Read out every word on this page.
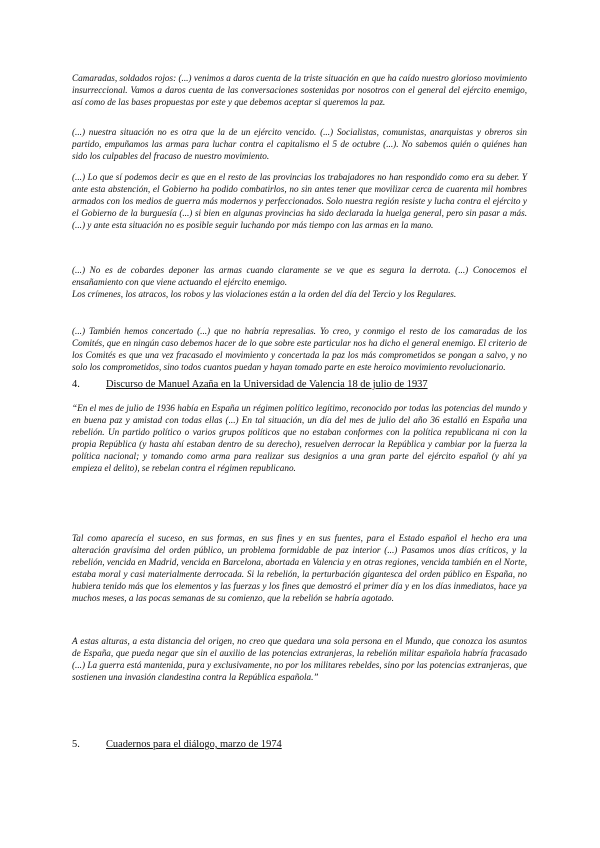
Camaradas, soldados rojos: (...) venimos a daros cuenta de la triste situación en que ha caído nuestro glorioso movimiento insurreccional. Vamos a daros cuenta de las conversaciones sostenidas por nosotros con el general del ejército enemigo, así como de las bases propuestas por este y que debemos aceptar si queremos la paz.

(...) nuestra situación no es otra que la de un ejército vencido. (...) Socialistas, comunistas, anarquistas y obreros sin partido, empuñamos las armas para luchar contra el capitalismo el 5 de octubre (...). No sabemos quién o quiénes han sido los culpables del fracaso de nuestro movimiento.

(...) Lo que sí podemos decir es que en el resto de las provincias los trabajadores no han respondido como era su deber. Y ante esta abstención, el Gobierno ha podido combatirlos, no sin antes tener que movilizar cerca de cuarenta mil hombres armados con los medios de guerra más modernos y perfeccionados. Solo nuestra región resiste y lucha contra el ejército y el Gobierno de la burguesía (...) si bien en algunas provincias ha sido declarada la huelga general, pero sin pasar a más. (...) y ante esta situación no es posible seguir luchando por más tiempo con las armas en la mano.

(...) No es de cobardes deponer las armas cuando claramente se ve que es segura la derrota. (...) Conocemos el ensañamiento con que viene actuando el ejército enemigo.

Los crímenes, los atracos, los robos y las violaciones están a la orden del día del Tercio y los Regulares.

(...) También hemos concertado (...) que no habría represalias. Yo creo, y conmigo el resto de los camaradas de los Comités, que en ningún caso debemos hacer de lo que sobre este particular nos ha dicho el general enemigo. El criterio de los Comités es que una vez fracasado el movimiento y concertada la paz los más comprometidos se pongan a salvo, y no solo los comprometidos, sino todos cuantos puedan y hayan tomado parte en este heroico movimiento revolucionario.

4.	Discurso de Manuel Azaña en la Universidad de Valencia 18 de julio de 1937

“En el mes de julio de 1936 había en España un régimen político legítimo, reconocido por todas las potencias del mundo y en buena paz y amistad con todas ellas (...) En tal situación, un día del mes de julio del año 36 estalló en España una rebelión. Un partido político o varios grupos políticos que no estaban conformes con la política republicana ni con la propia República (y hasta ahí estaban dentro de su derecho), resuelven derrocar la República y cambiar por la fuerza la política nacional; y tomando como arma para realizar sus designios a una gran parte del ejército español (y ahí ya empieza el delito), se rebelan contra el régimen republicano.

Tal como aparecía el suceso, en sus formas, en sus fines y en sus fuentes, para el Estado español el hecho era una alteración gravísima del orden público, un problema formidable de paz interior (...) Pasamos unos días críticos, y la rebelión, vencida en Madrid, vencida en Barcelona, abortada en Valencia y en otras regiones, vencida también en el Norte, estaba moral y casi materialmente derrocada. Si la rebelión, la perturbación gigantesca del orden público en España, no hubiera tenido más que los elementos y las fuerzas y los fines que demostró el primer día y en los días inmediatos, hace ya muchos meses, a las pocas semanas de su comienzo, que la rebelión se habría agotado.

A estas alturas, a esta distancia del origen, no creo que quedara una sola persona en el Mundo, que conozca los asuntos de España, que pueda negar que sin el auxilio de las potencias extranjeras, la rebelión militar española habría fracasado (...) La guerra está mantenida, pura y exclusivamente, no por los militares rebeldes, sino por las potencias extranjeras, que sostienen una invasión clandestina contra la República española.”

5.	Cuadernos para el diálogo, marzo de 1974
